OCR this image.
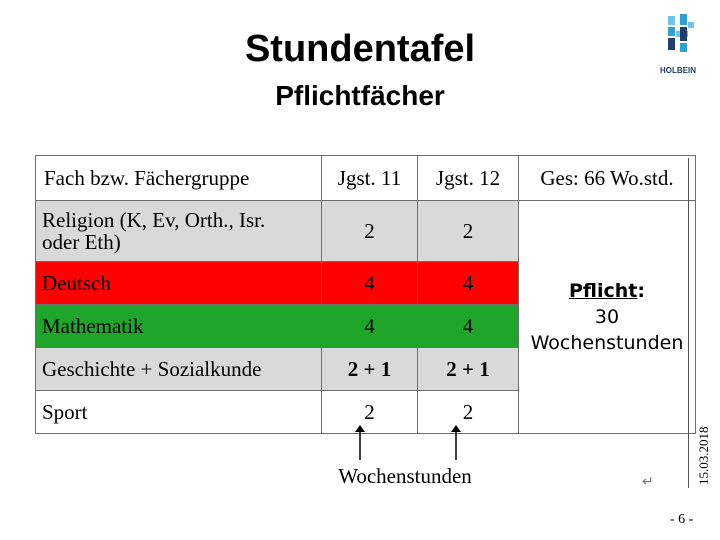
Stundentafel
Pflichtfächer
HOLBEIN
Fach bzw. Fächergruppe	Jgst. 11	Jgst. 12	Ges: 66 Wo.std.
Religion (K, Ev, Orth., Isr.
oder Eth)	2	2	Pflicht:
30
Wochenstunden
Deutsch	4	4	
Mathematik	4	4	
Geschichte + Sozialkunde	2 + 1	2 + 1	
Sport	2	2	
Wochenstunden	↵	15.03.2018
- 6 -
